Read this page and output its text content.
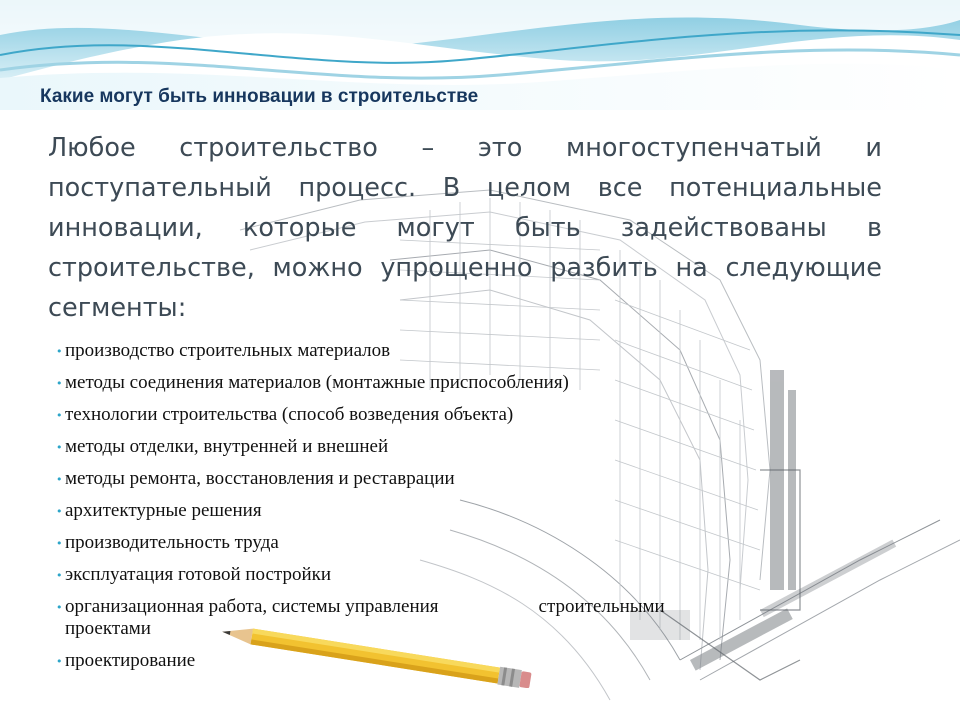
Какие могут быть инновации в строительстве

Любое строительство – это многоступенчатый и поступательный процесс. В целом все потенциальные инновации, которые могут быть задействованы в строительстве, можно упрощенно разбить на следующие сегменты:

• производство строительных материалов
• методы соединения материалов (монтажные приспособления)
• технологии строительства (способ возведения объекта)
• методы отделки, внутренней и внешней
• методы ремонта, восстановления и реставрации
• архитектурные решения
• производительность труда
• эксплуатация готовой постройки
• организационная работа, системы управления	строительными
проектами
• проектирование
